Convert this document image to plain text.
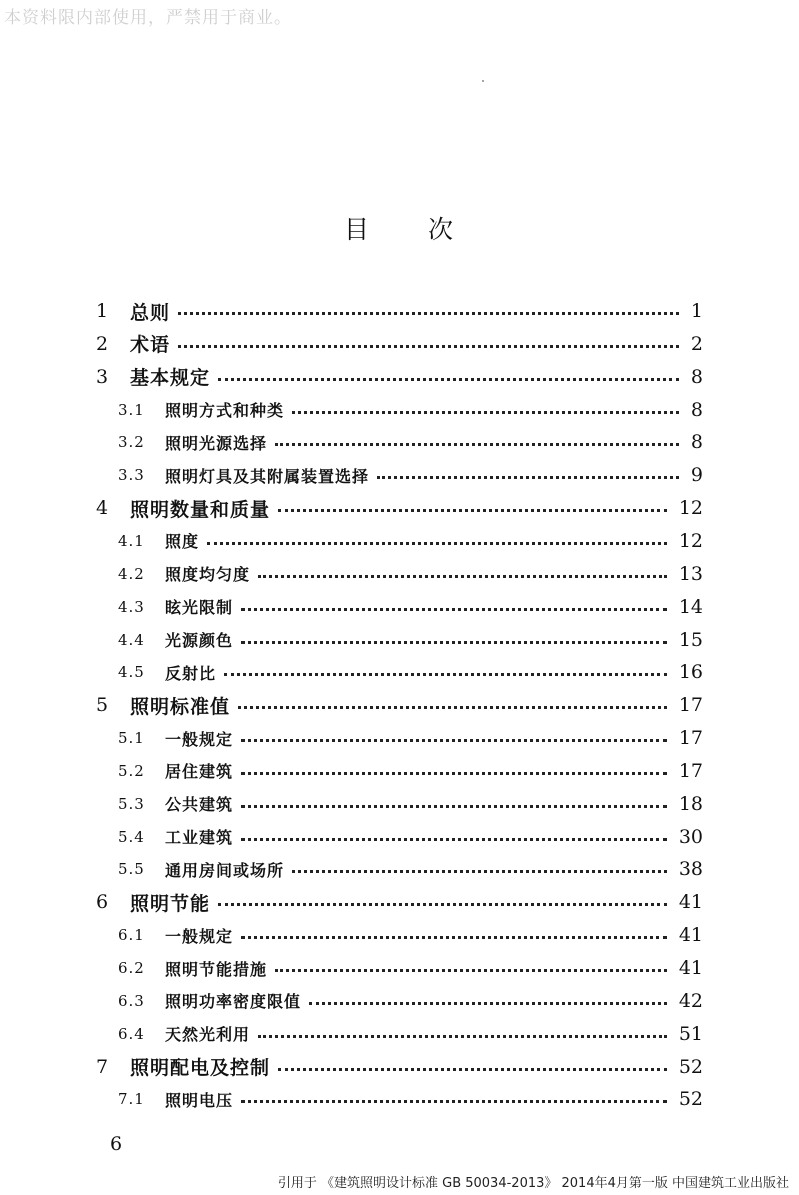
本资料限内部使用，严禁用于商业。
目 次
1 总则	1
2 术语	2
3 基本规定	8
3.1 照明方式和种类	8
3.2 照明光源选择	8
3.3 照明灯具及其附属装置选择	9
4 照明数量和质量	12
4.1 照度	12
4.2 照度均匀度	13
4.3 眩光限制	14
4.4 光源颜色	15
4.5 反射比	16
5 照明标准值	17
5.1 一般规定	17
5.2 居住建筑	17
5.3 公共建筑	18
5.4 工业建筑	30
5.5 通用房间或场所	38
6 照明节能	41
6.1 一般规定	41
6.2 照明节能措施	41
6.3 照明功率密度限值	42
6.4 天然光利用	51
7 照明配电及控制	52
7.1 照明电压	52
6
引用于 《建筑照明设计标准 GB 50034-2013》 2014年4月第一版 中国建筑工业出版社
